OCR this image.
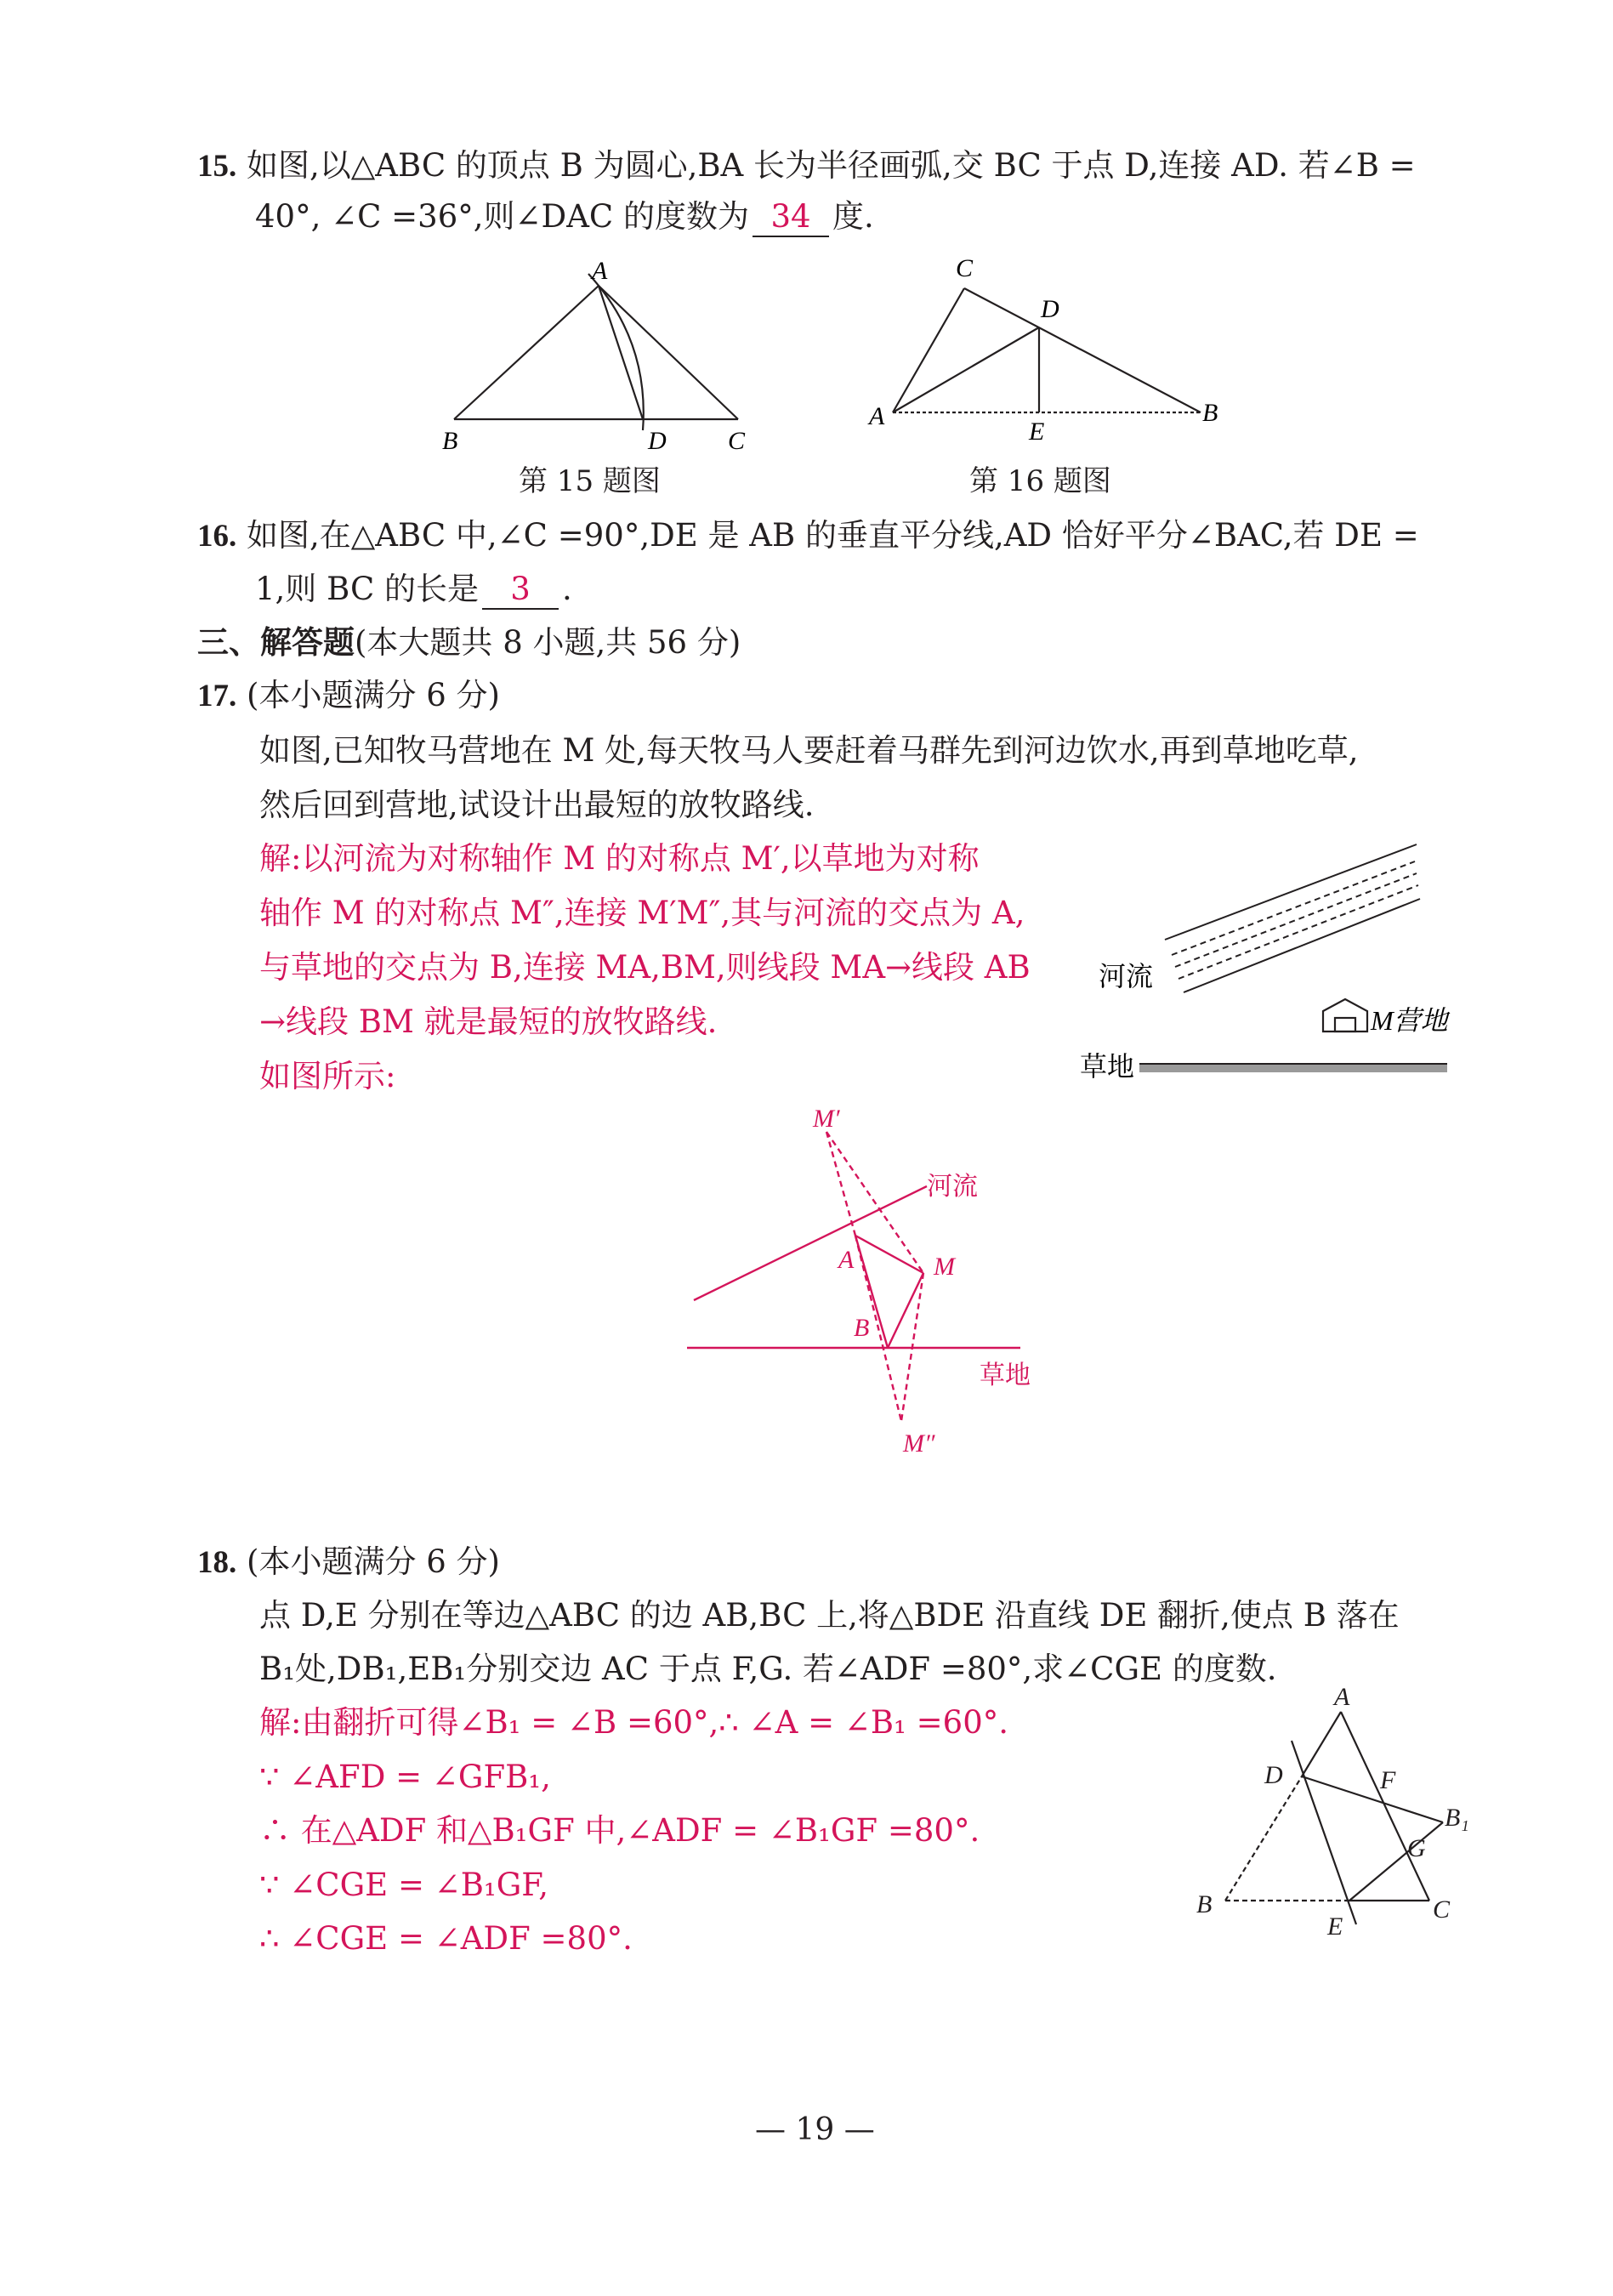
15. 如图,以△ABC 的顶点 B 为圆心,BA 长为半径画弧,交 BC 于点 D,连接 AD. 若∠B =
40°, ∠C =36°,则∠DAC 的度数为 34 度.
A
B	D C
第 15 题图
C
D
A
E
B
第 16 题图
16. 如图,在△ABC 中,∠C =90°,DE 是 AB 的垂直平分线,AD 恰好平分∠BAC,若 DE =
1,则 BC 的长是 3 .
三、解答题(本大题共 8 小题,共 56 分)
17. (本小题满分 6 分)
如图,已知牧马营地在 M 处,每天牧马人要赶着马群先到河边饮水,再到草地吃草,
然后回到营地,试设计出最短的放牧路线.
解:以河流为对称轴作 M 的对称点 M′,以草地为对称
轴作 M 的对称点 M″,连接 M′M″,其与河流的交点为 A,
与草地的交点为 B,连接 MA,BM,则线段 MA→线段 AB
→线段 BM 就是最短的放牧路线.
如图所示:
河流
M营地
草地
M′
河流
A	M
B
草地
M″
18. (本小题满分 6 分)
点 D,E 分别在等边△ABC 的边 AB,BC 上,将△BDE 沿直线 DE 翻折,使点 B 落在
B₁处,DB₁,EB₁分别交边 AC 于点 F,G. 若∠ADF =80°,求∠CGE 的度数.
解:由翻折可得∠B₁ = ∠B =60°,∴ ∠A = ∠B₁ =60°.
∵ ∠AFD = ∠GFB₁,
∴ 在△ADF 和△B₁GF 中,∠ADF = ∠B₁GF =80°.
∵ ∠CGE = ∠B₁GF,
∴ ∠CGE = ∠ADF =80°.
A
D	F
B₁
G
B
E
C
— 19 —
